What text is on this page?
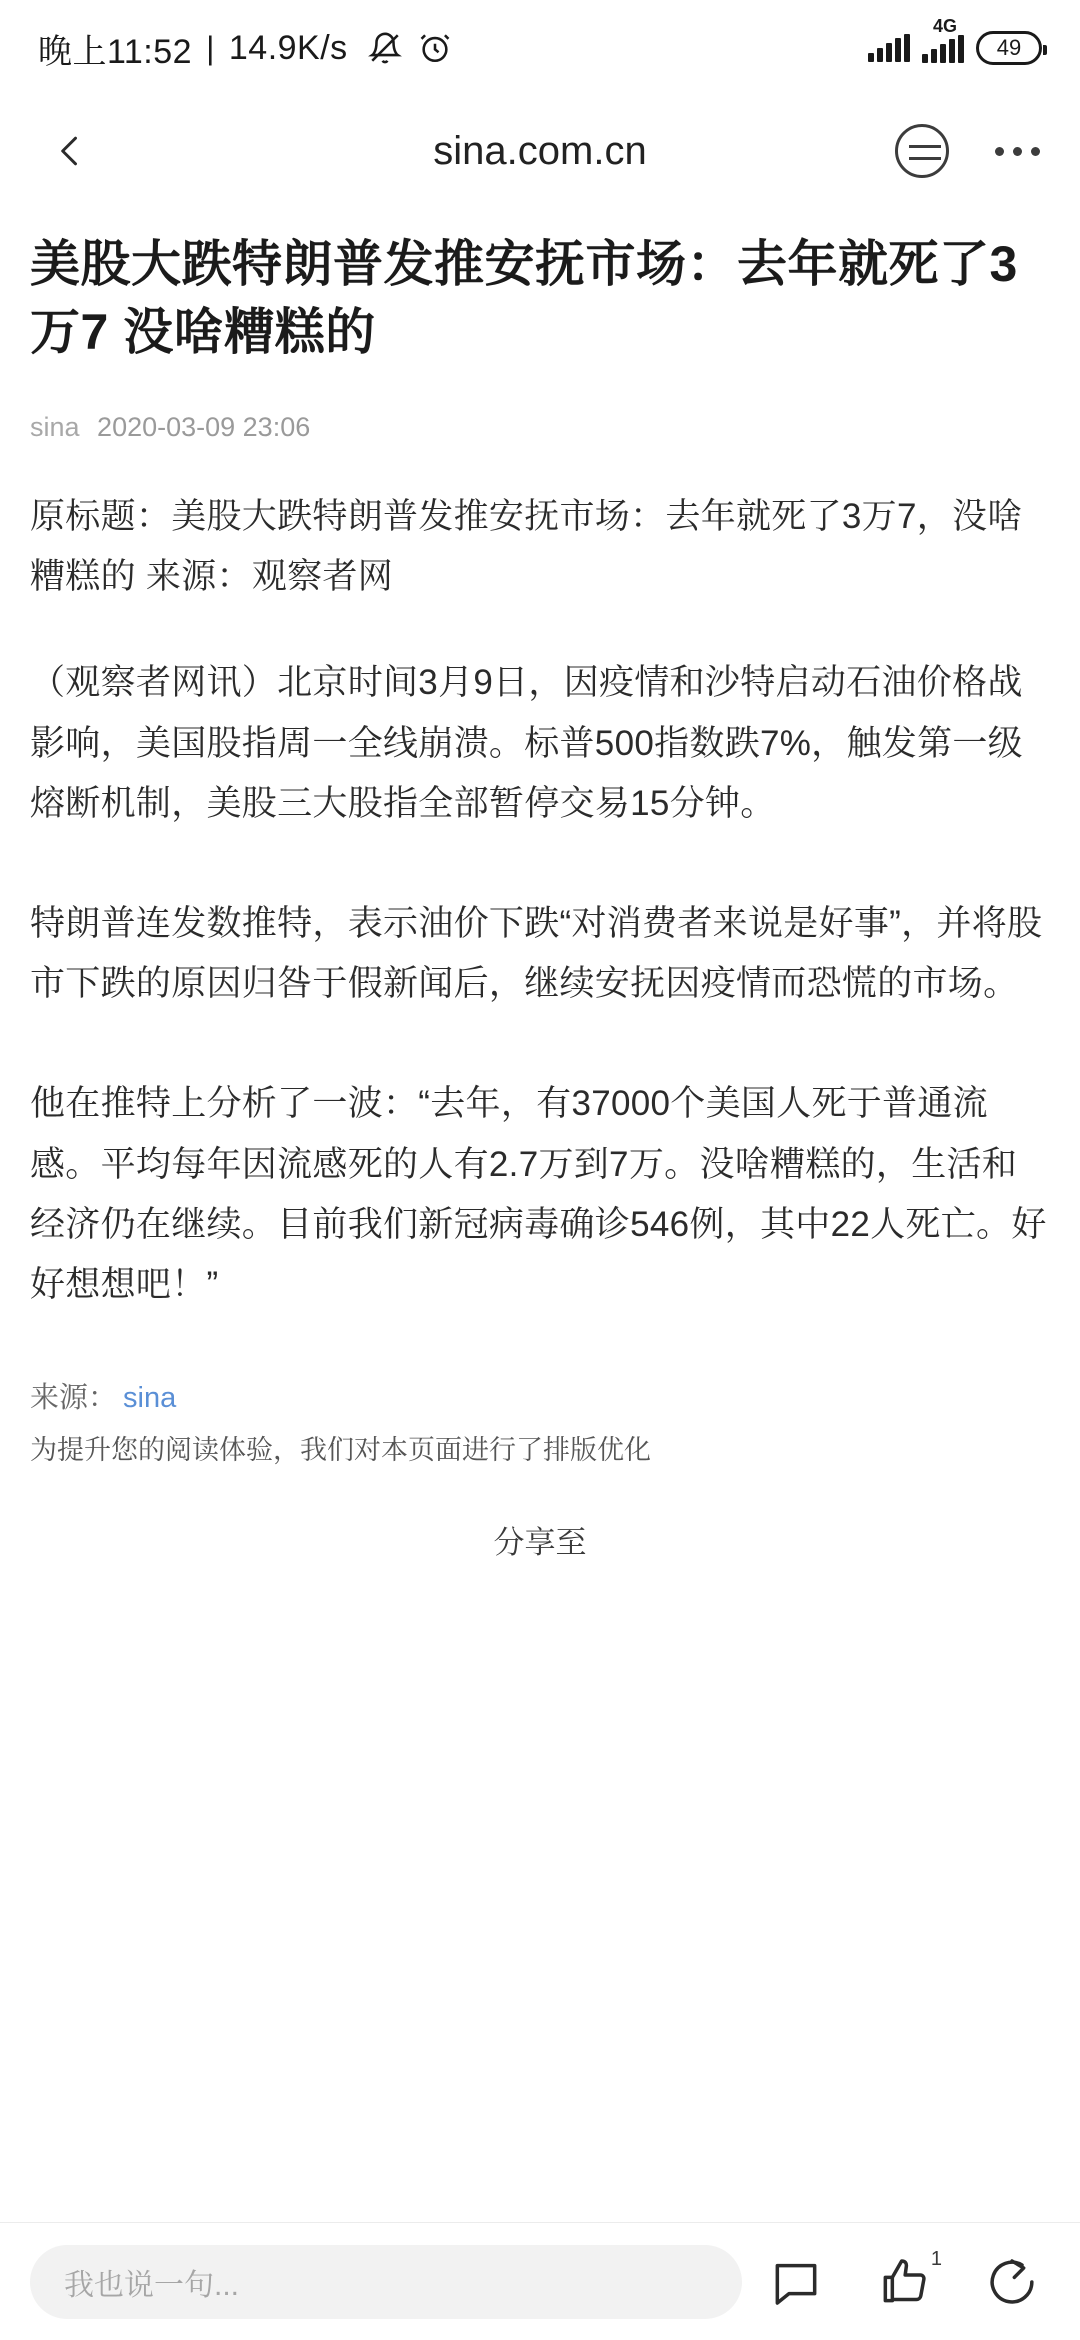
晚上11:52 | 14.9K/s
4G
49
sina.com.cn
美股大跌特朗普发推安抚市场：去年就死了3万7 没啥糟糕的
sina 2020-03-09 23:06
原标题：美股大跌特朗普发推安抚市场：去年就死了3万7，没啥糟糕的 来源：观察者网
（观察者网讯）北京时间3月9日，因疫情和沙特启动石油价格战影响，美国股指周一全线崩溃。标普500指数跌7%，触发第一级熔断机制，美股三大股指全部暂停交易15分钟。
特朗普连发数推特，表示油价下跌“对消费者来说是好事”，并将股市下跌的原因归咎于假新闻后，继续安抚因疫情而恐慌的市场。
他在推特上分析了一波：“去年，有37000个美国人死于普通流感。平均每年因流感死的人有2.7万到7万。没啥糟糕的，生活和经济仍在继续。目前我们新冠病毒确诊546例，其中22人死亡。好好想想吧！”
来源： sina
为提升您的阅读体验，我们对本页面进行了排版优化
分享至
我也说一句...
1
